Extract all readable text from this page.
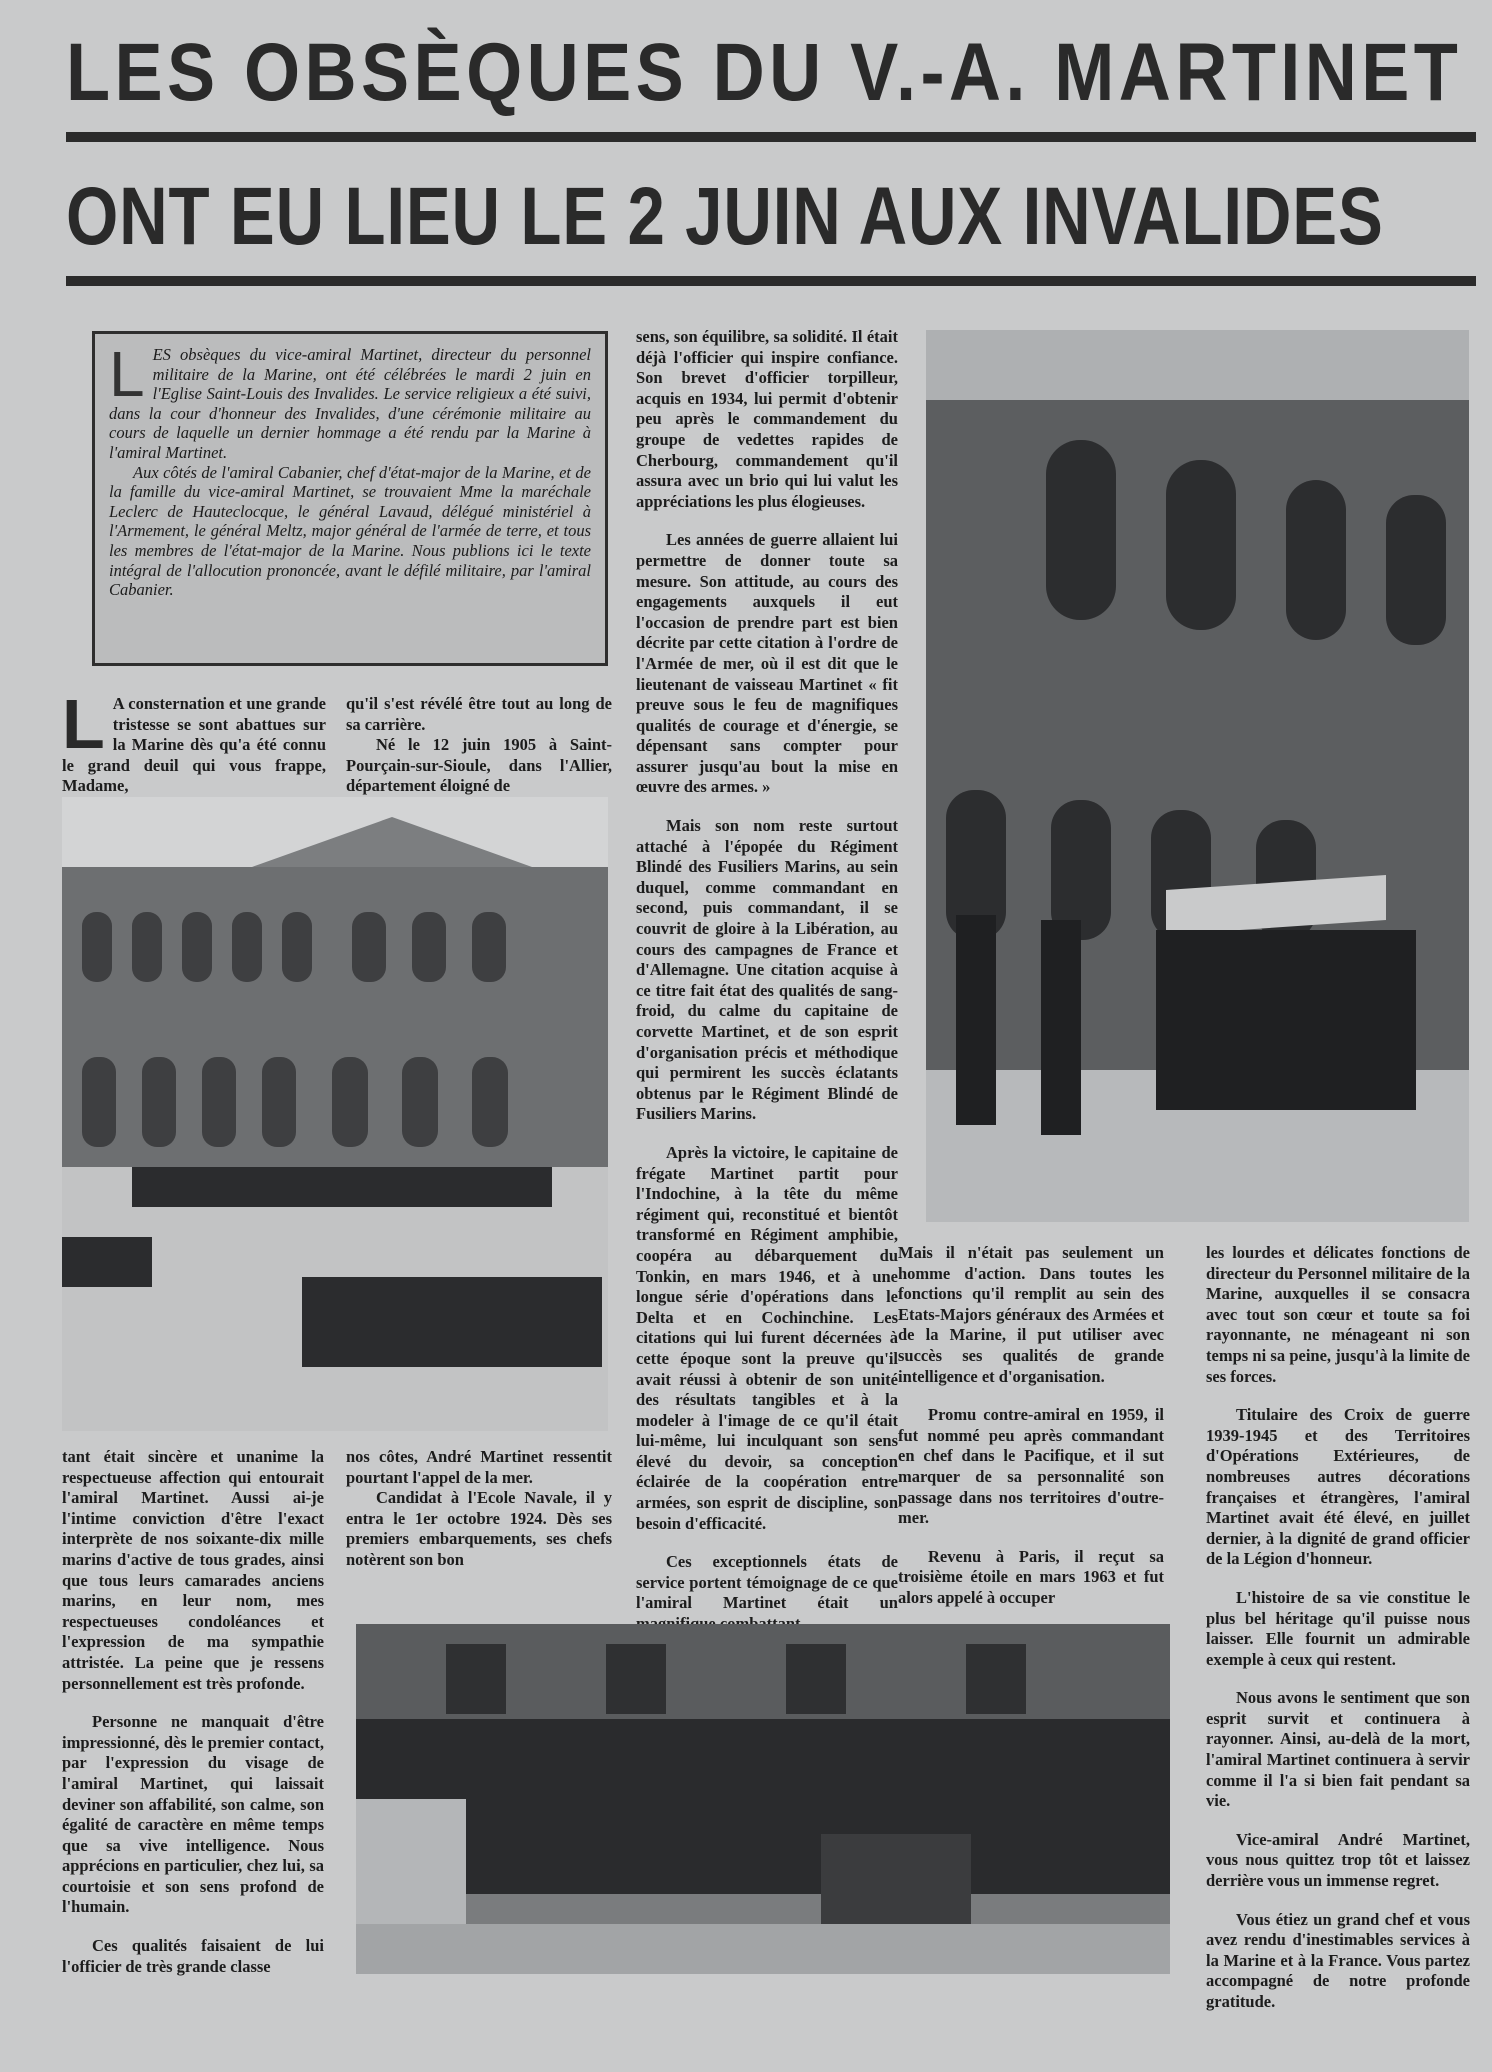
LES OBSÈQUES DU V.-A. MARTINET
ONT EU LIEU LE 2 JUIN AUX INVALIDES

LES obsèques du vice-amiral Martinet, directeur du personnel militaire de la Marine, ont été célébrées le mardi 2 juin en l'Eglise Saint-Louis des Invalides. Le service religieux a été suivi, dans la cour d'honneur des Invalides, d'une cérémonie militaire au cours de laquelle un dernier hommage a été rendu par la Marine à l'amiral Martinet.

Aux côtés de l'amiral Cabanier, chef d'état-major de la Marine, et de la famille du vice-amiral Martinet, se trouvaient Mme la maréchale Leclerc de Hauteclocque, le général Lavaud, délégué ministériel à l'Armement, le général Meltz, major général de l'armée de terre, et tous les membres de l'état-major de la Marine. Nous publions ici le texte intégral de l'allocution prononcée, avant le défilé militaire, par l'amiral Cabanier.

L A consternation et une grande tristesse se sont abattues sur la Marine dès qu'a été connu le grand deuil qui vous frappe, Madame,

qu'il s'est révélé être tout au long de sa carrière.

Né le 12 juin 1905 à Saint-Pourçain-sur-Sioule, dans l'Allier, département éloigné de

tant était sincère et unanime la respectueuse affection qui entourait l'amiral Martinet. Aussi ai-je l'intime conviction d'être l'exact interprète de nos soixante-dix mille marins d'active de tous grades, ainsi que tous leurs camarades anciens marins, en leur nom, mes respectueuses condoléances et l'expression de ma sympathie attristée. La peine que je ressens personnellement est très profonde.

Personne ne manquait d'être impressionné, dès le premier contact, par l'expression du visage de l'amiral Martinet, qui laissait deviner son affabilité, son calme, son égalité de caractère en même temps que sa vive intelligence. Nous apprécions en particulier, chez lui, sa courtoisie et son sens profond de l'humain.

Ces qualités faisaient de lui l'officier de très grande classe

nos côtes, André Martinet ressentit pourtant l'appel de la mer.

Candidat à l'Ecole Navale, il y entra le 1er octobre 1924. Dès ses premiers embarquements, ses chefs notèrent son bon

sens, son équilibre, sa solidité. Il était déjà l'officier qui inspire confiance. Son brevet d'officier torpilleur, acquis en 1934, lui permit d'obtenir peu après le commandement du groupe de vedettes rapides de Cherbourg, commandement qu'il assura avec un brio qui lui valut les appréciations les plus élogieuses.

Les années de guerre allaient lui permettre de donner toute sa mesure. Son attitude, au cours des engagements auxquels il eut l'occasion de prendre part est bien décrite par cette citation à l'ordre de l'Armée de mer, où il est dit que le lieutenant de vaisseau Martinet « fit preuve sous le feu de magnifiques qualités de courage et d'énergie, se dépensant sans compter pour assurer jusqu'au bout la mise en œuvre des armes. »

Mais son nom reste surtout attaché à l'épopée du Régiment Blindé des Fusiliers Marins, au sein duquel, comme commandant en second, puis commandant, il se couvrit de gloire à la Libération, au cours des campagnes de France et d'Allemagne. Une citation acquise à ce titre fait état des qualités de sang-froid, du calme du capitaine de corvette Martinet, et de son esprit d'organisation précis et méthodique qui permirent les succès éclatants obtenus par le Régiment Blindé de Fusiliers Marins.

Après la victoire, le capitaine de frégate Martinet partit pour l'Indochine, à la tête du même régiment qui, reconstitué et bientôt transformé en Régiment amphibie, coopéra au débarquement du Tonkin, en mars 1946, et à une longue série d'opérations dans le Delta et en Cochinchine. Les citations qui lui furent décernées à cette époque sont la preuve qu'il avait réussi à obtenir de son unité des résultats tangibles et à la modeler à l'image de ce qu'il était lui-même, lui inculquant son sens élevé du devoir, sa conception éclairée de la coopération entre armées, son esprit de discipline, son besoin d'efficacité.

Ces exceptionnels états de service portent témoignage de ce que l'amiral Martinet était un

Mais il n'était pas seulement un homme d'action. Dans toutes les fonctions qu'il remplit au sein des Etats-Majors généraux des Armées et de la Marine, il put utiliser avec succès ses qualités de grande intelligence et d'organisation.

Promu contre-amiral en 1959, il fut nommé peu après commandant en chef dans le Pacifique, et il sut marquer de sa personnalité son passage dans nos territoires d'outre-mer.

Revenu à Paris, il reçut sa troisième étoile en mars 1963 et fut alors appelé à occuper

les lourdes et délicates fonctions de directeur du Personnel militaire de la Marine, auxquelles il se consacra avec tout son cœur et toute sa foi rayonnante, ne ménageant ni son temps ni sa peine, jusqu'à la limite de ses forces.

Titulaire des Croix de guerre 1939-1945 et des Territoires d'Opérations Extérieures, de nombreuses autres décorations françaises et étrangères, l'amiral Martinet avait été élevé, en juillet dernier, à la dignité de grand officier de la Légion d'honneur.

L'histoire de sa vie constitue le plus bel héritage qu'il puisse nous laisser. Elle fournit un admirable exemple à ceux qui restent.

Nous avons le sentiment que son esprit survit et continuera à rayonner. Ainsi, au-delà de la mort, l'amiral Martinet continuera à servir comme il l'a si bien fait pendant sa vie.

Vice-amiral André Martinet, vous nous quittez trop tôt et laissez derrière vous un immense regret.

Vous étiez un grand chef et vous avez rendu d'inestimables services à la Marine et à la France. Vous partez accompagné de notre profonde gratitude.
